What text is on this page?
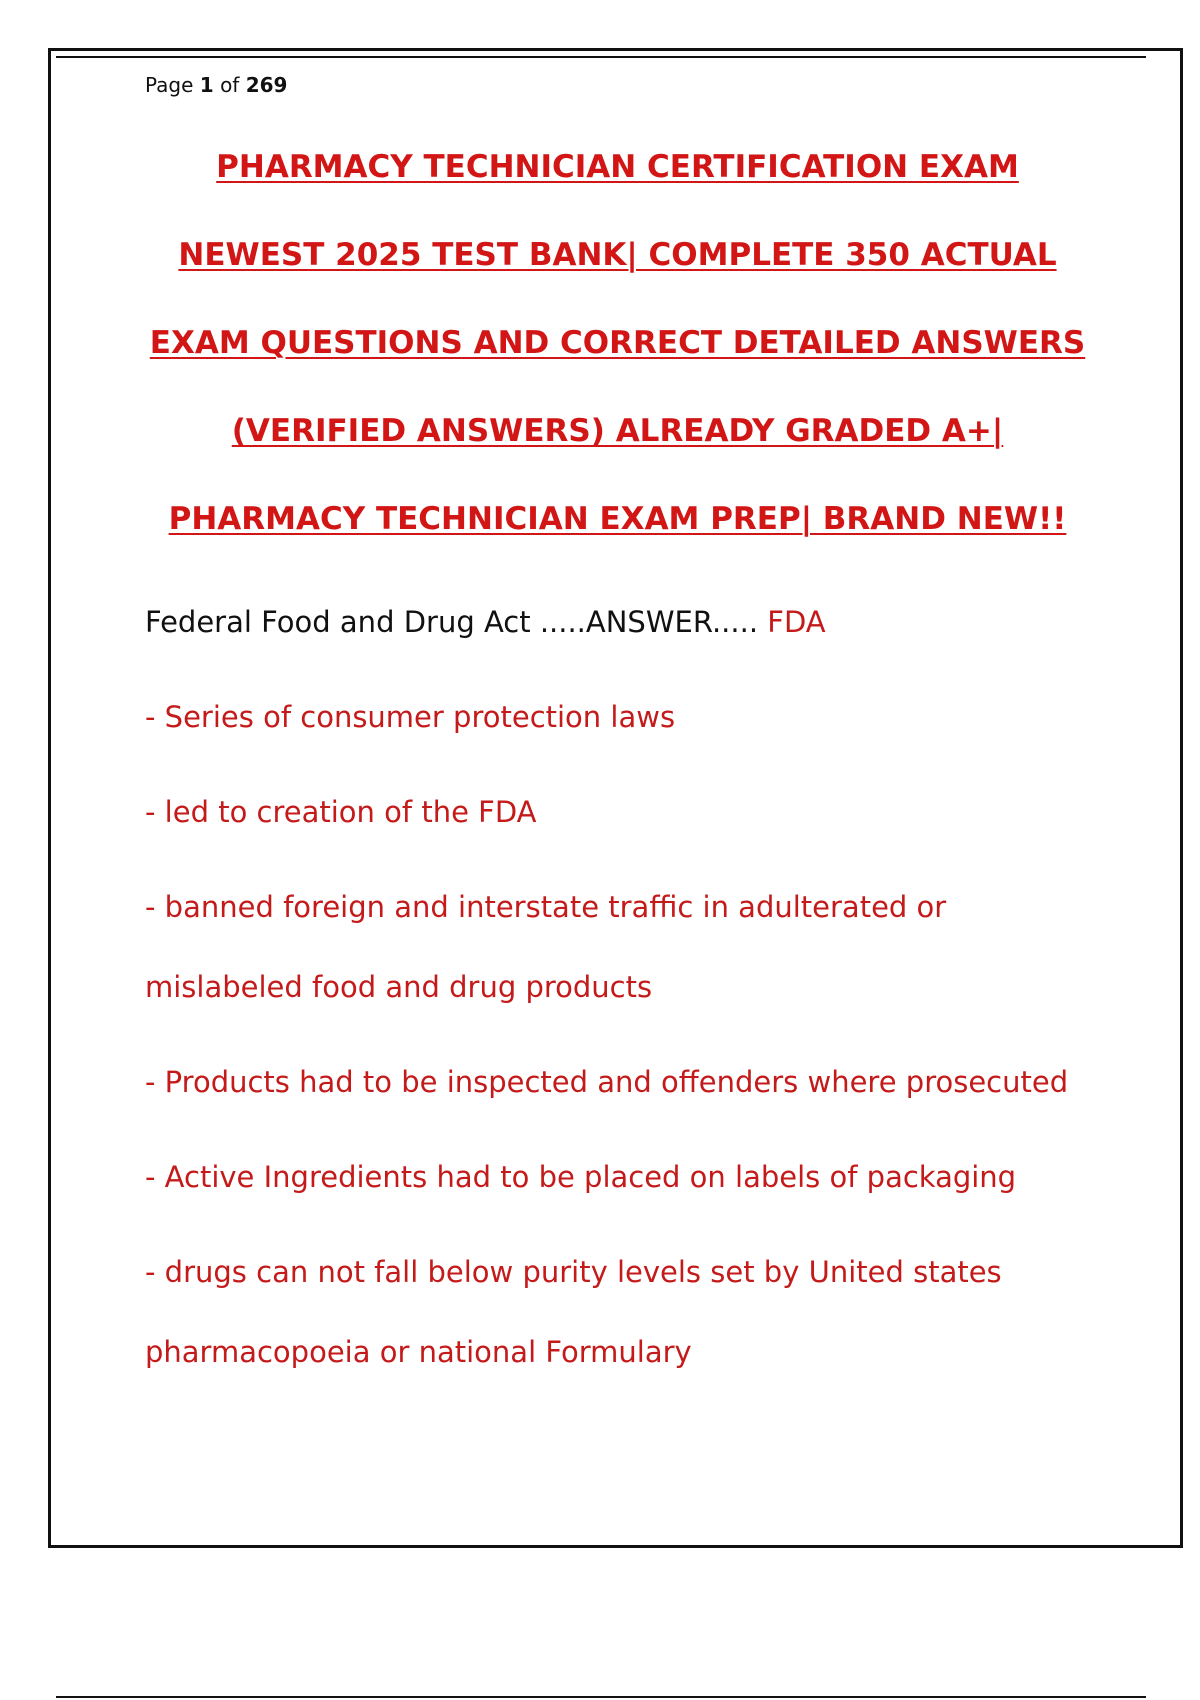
Page 1 of 269
PHARMACY TECHNICIAN CERTIFICATION EXAM
NEWEST 2025 TEST BANK| COMPLETE 350 ACTUAL
EXAM QUESTIONS AND CORRECT DETAILED ANSWERS
(VERIFIED ANSWERS) ALREADY GRADED A+|
PHARMACY TECHNICIAN EXAM PREP| BRAND NEW!!
Federal Food and Drug Act .....ANSWER..... FDA
- Series of consumer protection laws
- led to creation of the FDA
- banned foreign and interstate traffic in adulterated or
mislabeled food and drug products
- Products had to be inspected and offenders where prosecuted
- Active Ingredients had to be placed on labels of packaging
- drugs can not fall below purity levels set by United states
pharmacopoeia or national Formulary
